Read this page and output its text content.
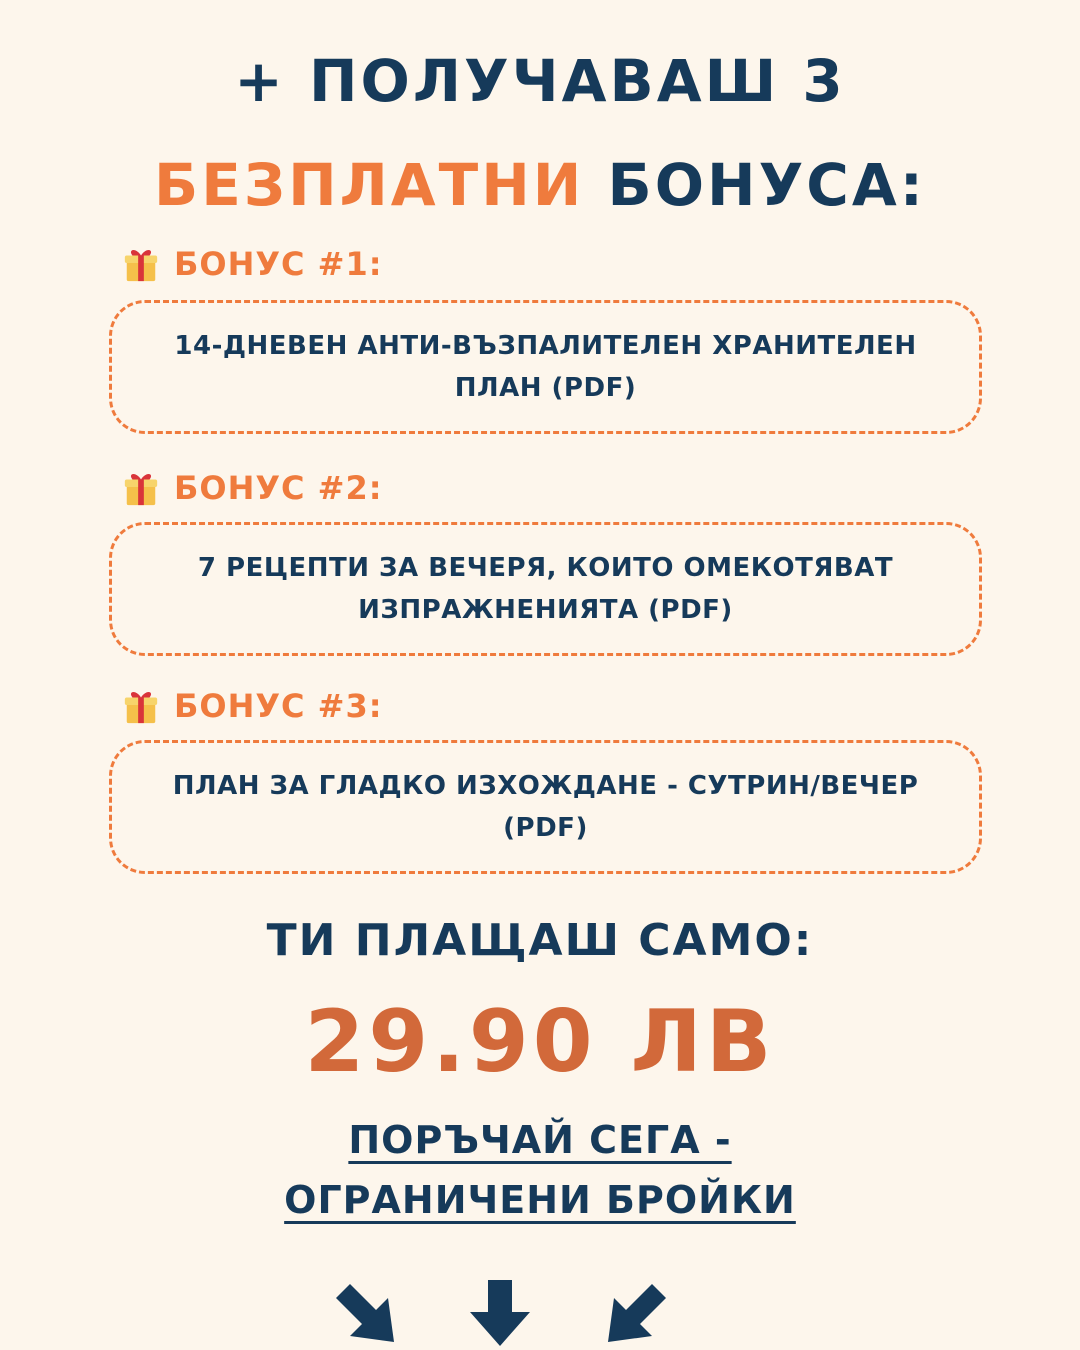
+ ПОЛУЧАВАШ 3
БЕЗПЛАТНИ БОНУСА:
БОНУС #1:
14-ДНЕВЕН АНТИ-ВЪЗПАЛИТЕЛЕН ХРАНИТЕЛЕН
ПЛАН (PDF)
БОНУС #2:
7 РЕЦЕПТИ ЗА ВЕЧЕРЯ, КОИТО ОМЕКОТЯВАТ
ИЗПРАЖНЕНИЯТА (PDF)
БОНУС #3:
ПЛАН ЗА ГЛАДКО ИЗХОЖДАНЕ - СУТРИН/ВЕЧЕР
(PDF)
ТИ ПЛАЩАШ САМО:
29.90 ЛВ
ПОРЪЧАЙ СЕГА -
ОГРАНИЧЕНИ БРОЙКИ
